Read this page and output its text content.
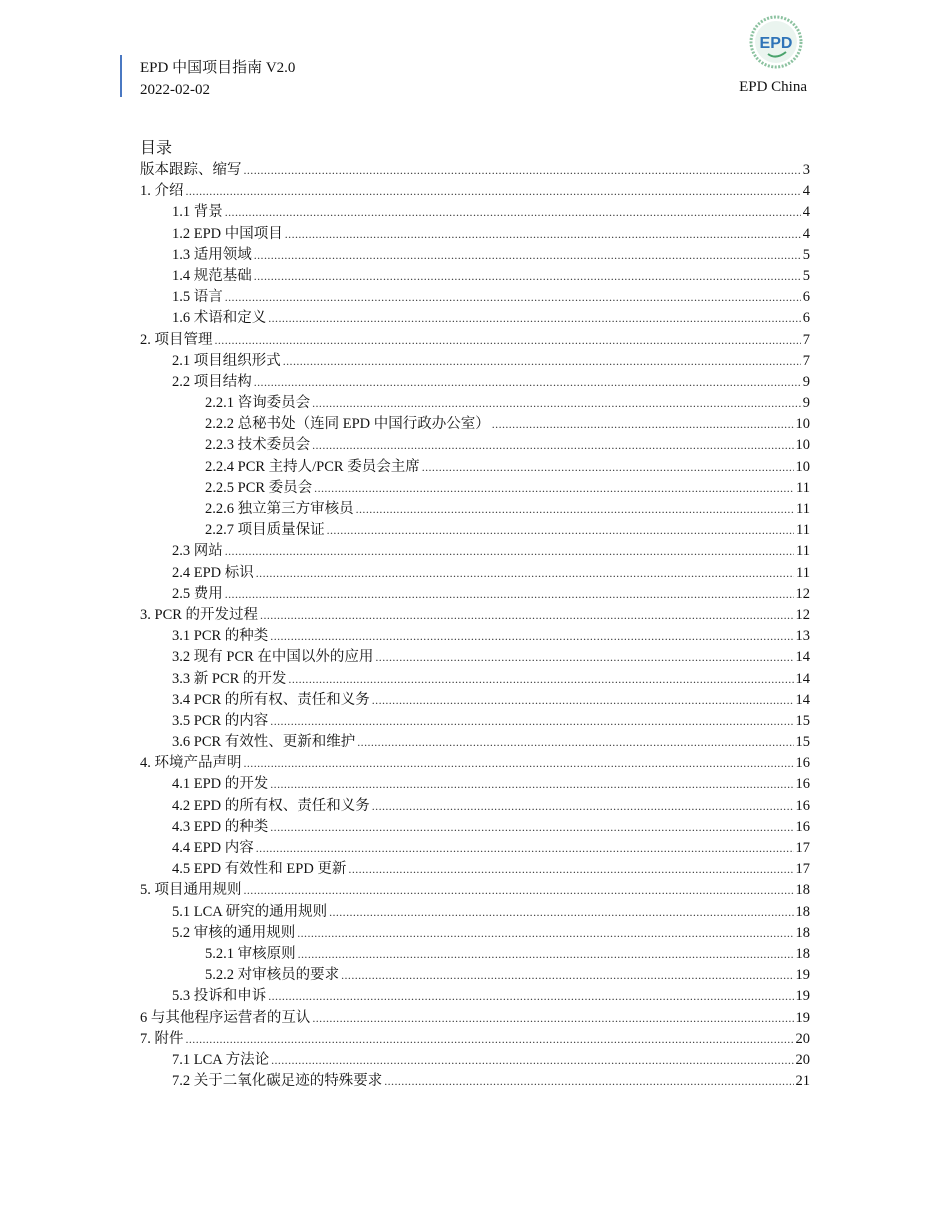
EPD 中国项目指南 V2.0
2022-02-02
EPD
EPD China
目录
版本跟踪、缩写 .....	3
1. 介绍 .....	4
1.1 背景 .....	4
1.2 EPD 中国项目 .....	4
1.3 适用领域 .....	5
1.4 规范基础 .....	5
1.5 语言 .....	6
1.6 术语和定义 .....	6
2. 项目管理 .....	7
2.1 项目组织形式 .....	7
2.2 项目结构 .....	9
2.2.1 咨询委员会 .....	9
2.2.2 总秘书处（连同 EPD 中国行政办公室） .....	10
2.2.3 技术委员会 .....	10
2.2.4 PCR 主持人/PCR 委员会主席 .....	10
2.2.5 PCR 委员会 .....	11
2.2.6 独立第三方审核员 .....	11
2.2.7 项目质量保证 .....	11
2.3 网站 .....	11
2.4 EPD 标识 .....	11
2.5 费用 .....	12
3. PCR 的开发过程 .....	12
3.1 PCR 的种类 .....	13
3.2 现有 PCR 在中国以外的应用 .....	14
3.3 新 PCR 的开发 .....	14
3.4 PCR 的所有权、责任和义务 .....	14
3.5 PCR 的内容 .....	15
3.6 PCR 有效性、更新和维护 .....	15
4. 环境产品声明 .....	16
4.1 EPD 的开发 .....	16
4.2 EPD 的所有权、责任和义务 .....	16
4.3 EPD 的种类 .....	16
4.4 EPD 内容 .....	17
4.5 EPD 有效性和 EPD 更新 .....	17
5. 项目通用规则 .....	18
5.1 LCA 研究的通用规则 .....	18
5.2 审核的通用规则 .....	18
5.2.1 审核原则 .....	18
5.2.2 对审核员的要求 .....	19
5.3 投诉和申诉 .....	19
6 与其他程序运营者的互认 .....	19
7. 附件 .....	20
7.1 LCA 方法论 .....	20
7.2 关于二氧化碳足迹的特殊要求 .....	21
